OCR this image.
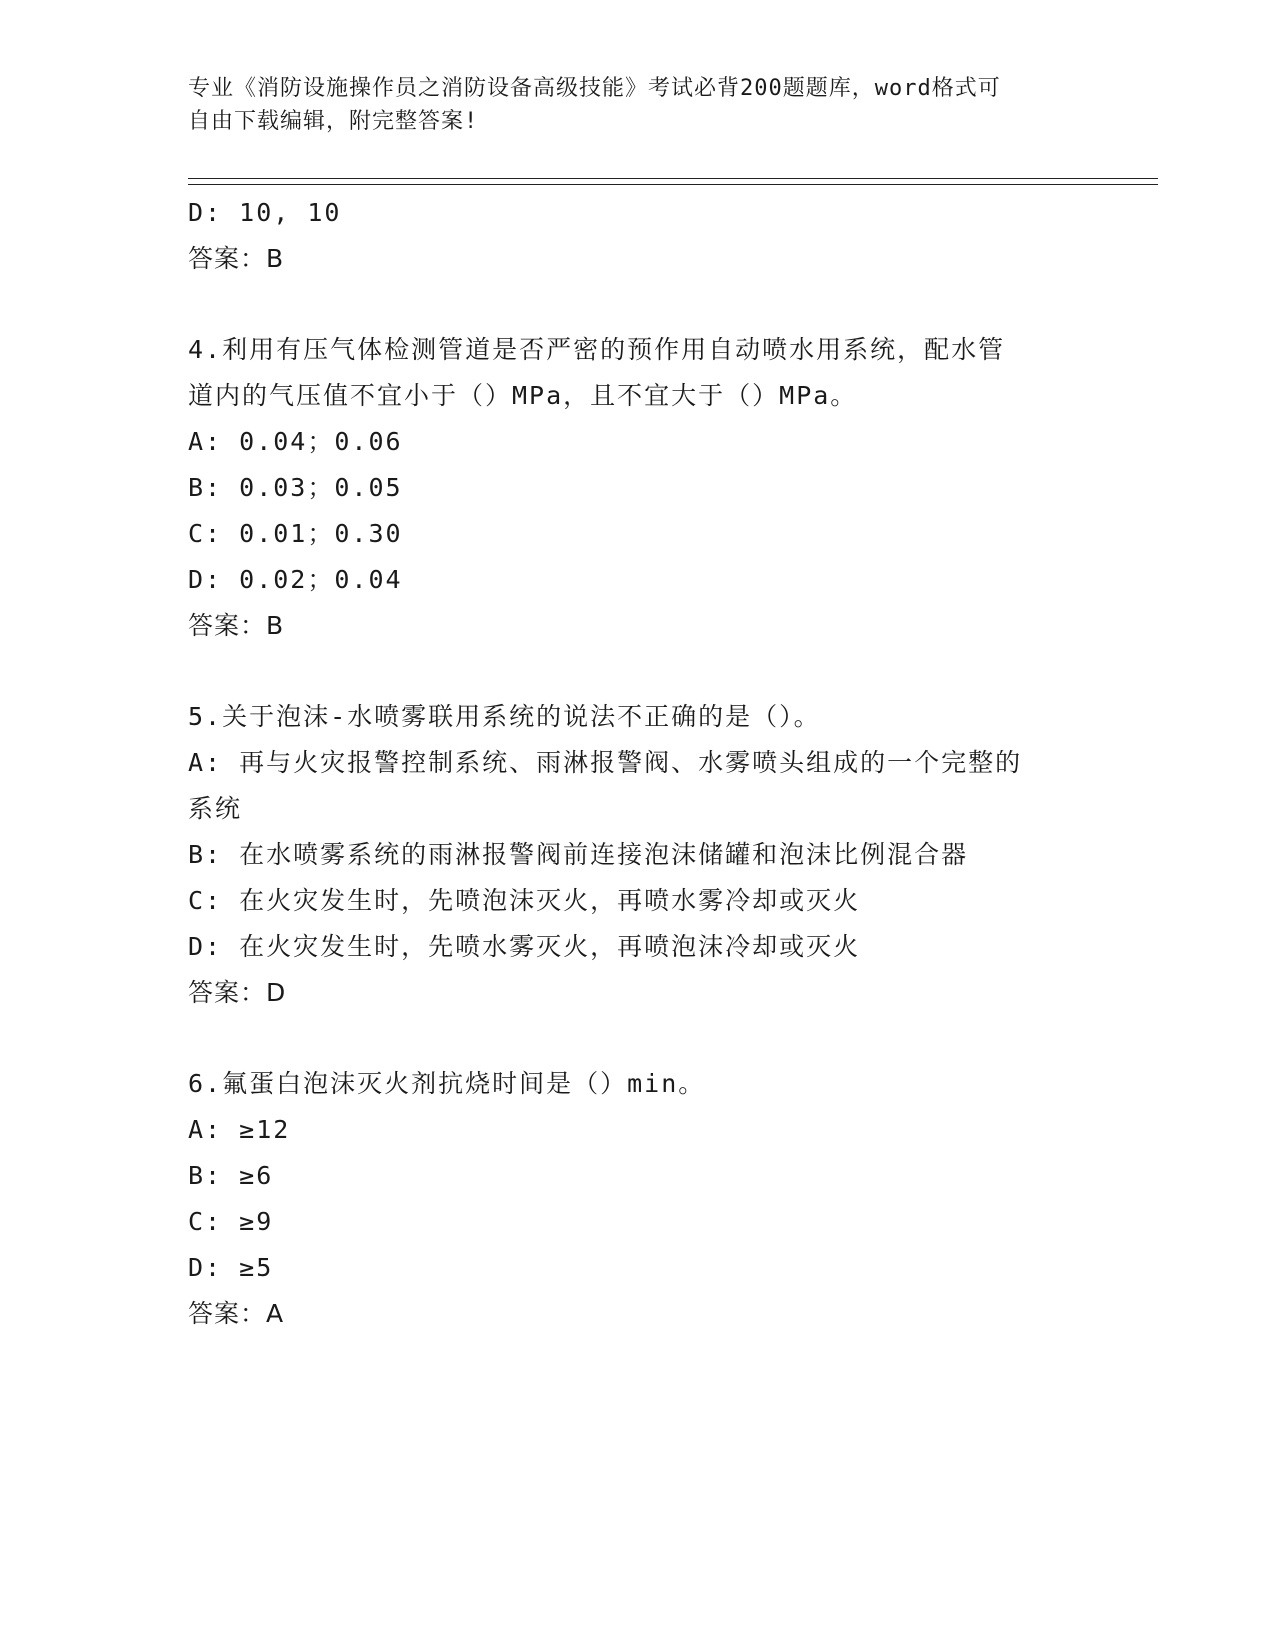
专业《消防设施操作员之消防设备高级技能》考试必背200题题库，word格式可
自由下载编辑，附完整答案!
D: 10, 10
答案：B
4.利用有压气体检测管道是否严密的预作用自动喷水用系统，配水管
道内的气压值不宜小于（）MPa，且不宜大于（）MPa。
A: 0.04；0.06
B: 0.03；0.05
C: 0.01；0.30
D: 0.02；0.04
答案：B
5.关于泡沫-水喷雾联用系统的说法不正确的是（）。
A: 再与火灾报警控制系统、雨淋报警阀、水雾喷头组成的一个完整的
系统
B: 在水喷雾系统的雨淋报警阀前连接泡沫储罐和泡沫比例混合器
C: 在火灾发生时，先喷泡沫灭火，再喷水雾冷却或灭火
D: 在火灾发生时，先喷水雾灭火，再喷泡沫冷却或灭火
答案：D
6.氟蛋白泡沫灭火剂抗烧时间是（）min。
A: ≥12
B: ≥6
C: ≥9
D: ≥5
答案：A
